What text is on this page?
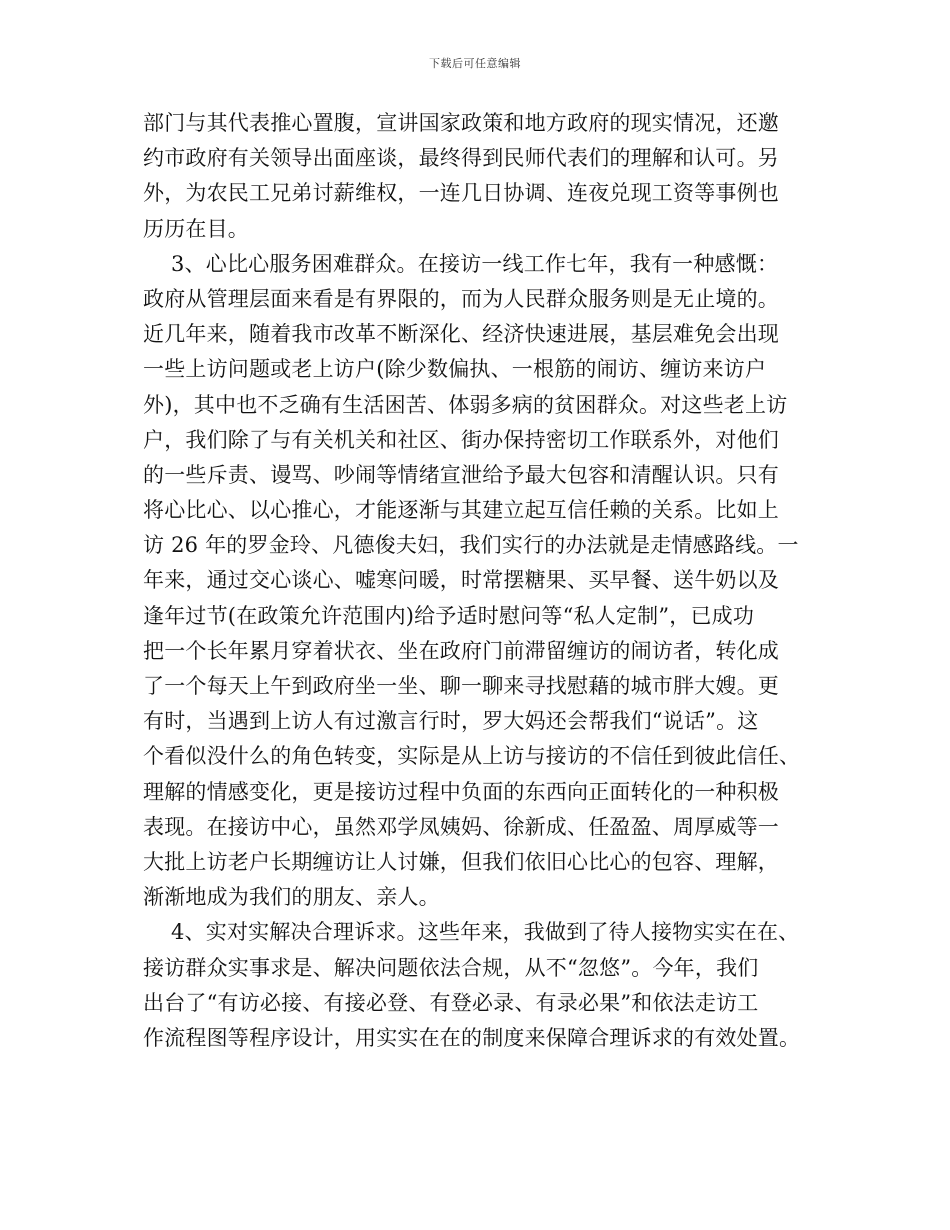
下载后可任意编辑
部门与其代表推心置腹，宣讲国家政策和地方政府的现实情况，还邀
约市政府有关领导出面座谈，最终得到民师代表们的理解和认可。另
外，为农民工兄弟讨薪维权，一连几日协调、连夜兑现工资等事例也
历历在目。
3、心比心服务困难群众。在接访一线工作七年，我有一种感慨：
政府从管理层面来看是有界限的，而为人民群众服务则是无止境的。
近几年来，随着我市改革不断深化、经济快速进展，基层难免会出现
一些上访问题或老上访户(除少数偏执、一根筋的闹访、缠访来访户
外)，其中也不乏确有生活困苦、体弱多病的贫困群众。对这些老上访
户，我们除了与有关机关和社区、街办保持密切工作联系外，对他们
的一些斥责、谩骂、吵闹等情绪宣泄给予最大包容和清醒认识。只有
将心比心、以心推心，才能逐渐与其建立起互信任赖的关系。比如上
访 26 年的罗金玲、凡德俊夫妇，我们实行的办法就是走情感路线。一
年来，通过交心谈心、嘘寒问暖，时常摆糖果、买早餐、送牛奶以及
逢年过节(在政策允许范围内)给予适时慰问等“私人定制”，已成功
把一个长年累月穿着状衣、坐在政府门前滞留缠访的闹访者，转化成
了一个每天上午到政府坐一坐、聊一聊来寻找慰藉的城市胖大嫂。更
有时，当遇到上访人有过激言行时，罗大妈还会帮我们“说话”。这
个看似没什么的角色转变，实际是从上访与接访的不信任到彼此信任、
理解的情感变化，更是接访过程中负面的东西向正面转化的一种积极
表现。在接访中心，虽然邓学凤姨妈、徐新成、任盈盈、周厚威等一
大批上访老户长期缠访让人讨嫌，但我们依旧心比心的包容、理解，
渐渐地成为我们的朋友、亲人。
4、实对实解决合理诉求。这些年来，我做到了待人接物实实在在、
接访群众实事求是、解决问题依法合规，从不“忽悠”。今年，我们
出台了“有访必接、有接必登、有登必录、有录必果”和依法走访工
作流程图等程序设计，用实实在在的制度来保障合理诉求的有效处置。
